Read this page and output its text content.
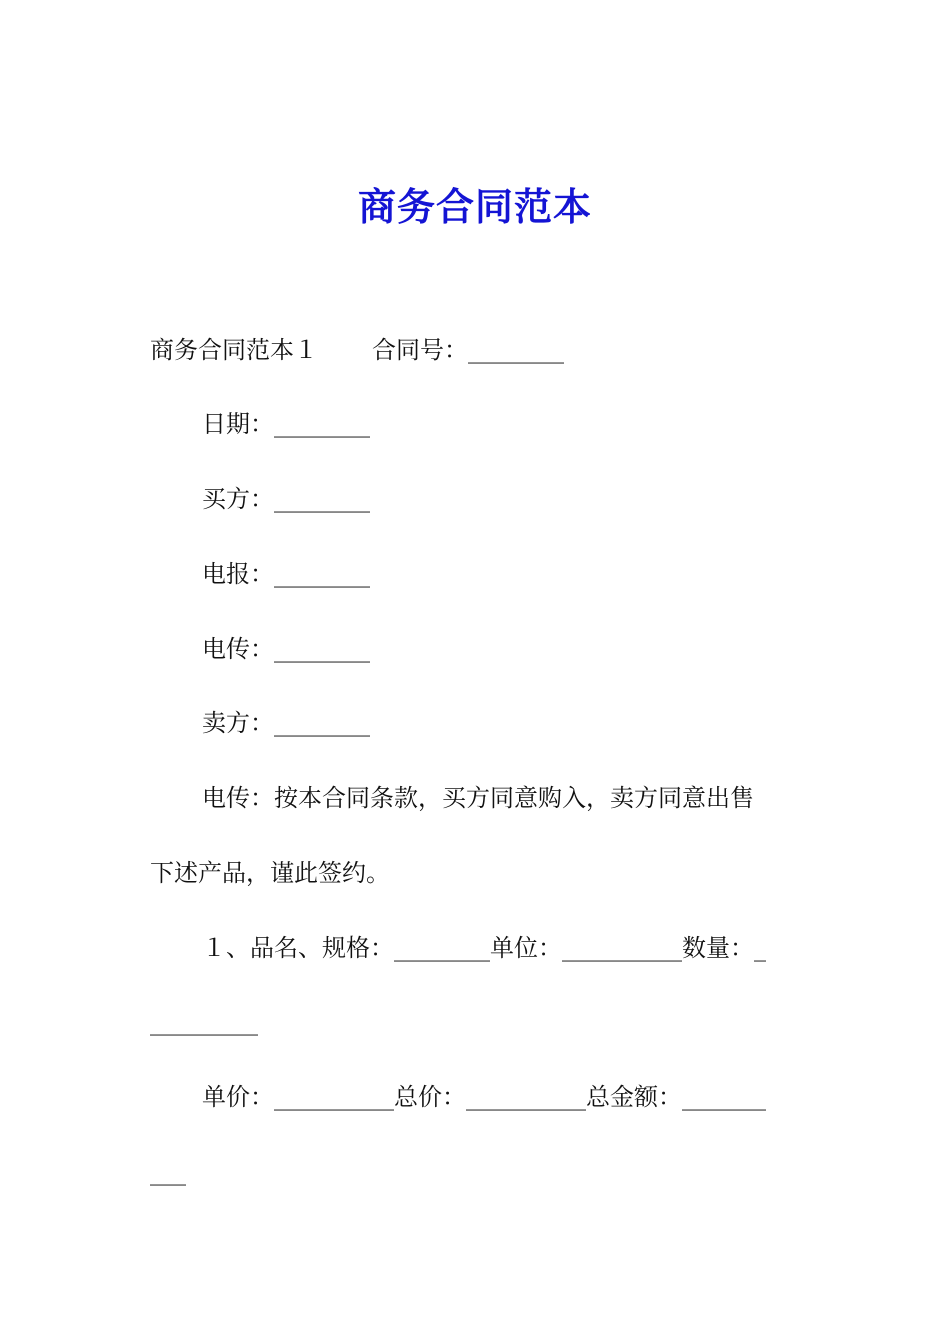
商务合同范本
商务合同范本１ 合同号：________
日期：________
买方：________
电报：________
电传：________
卖方：________
电传：按本合同条款，买方同意购入，卖方同意出售
下述产品，谨此签约。
１、品名、规格：________单位：__________数量：_
_________
单价：__________总价：__________总金额：_______
___
